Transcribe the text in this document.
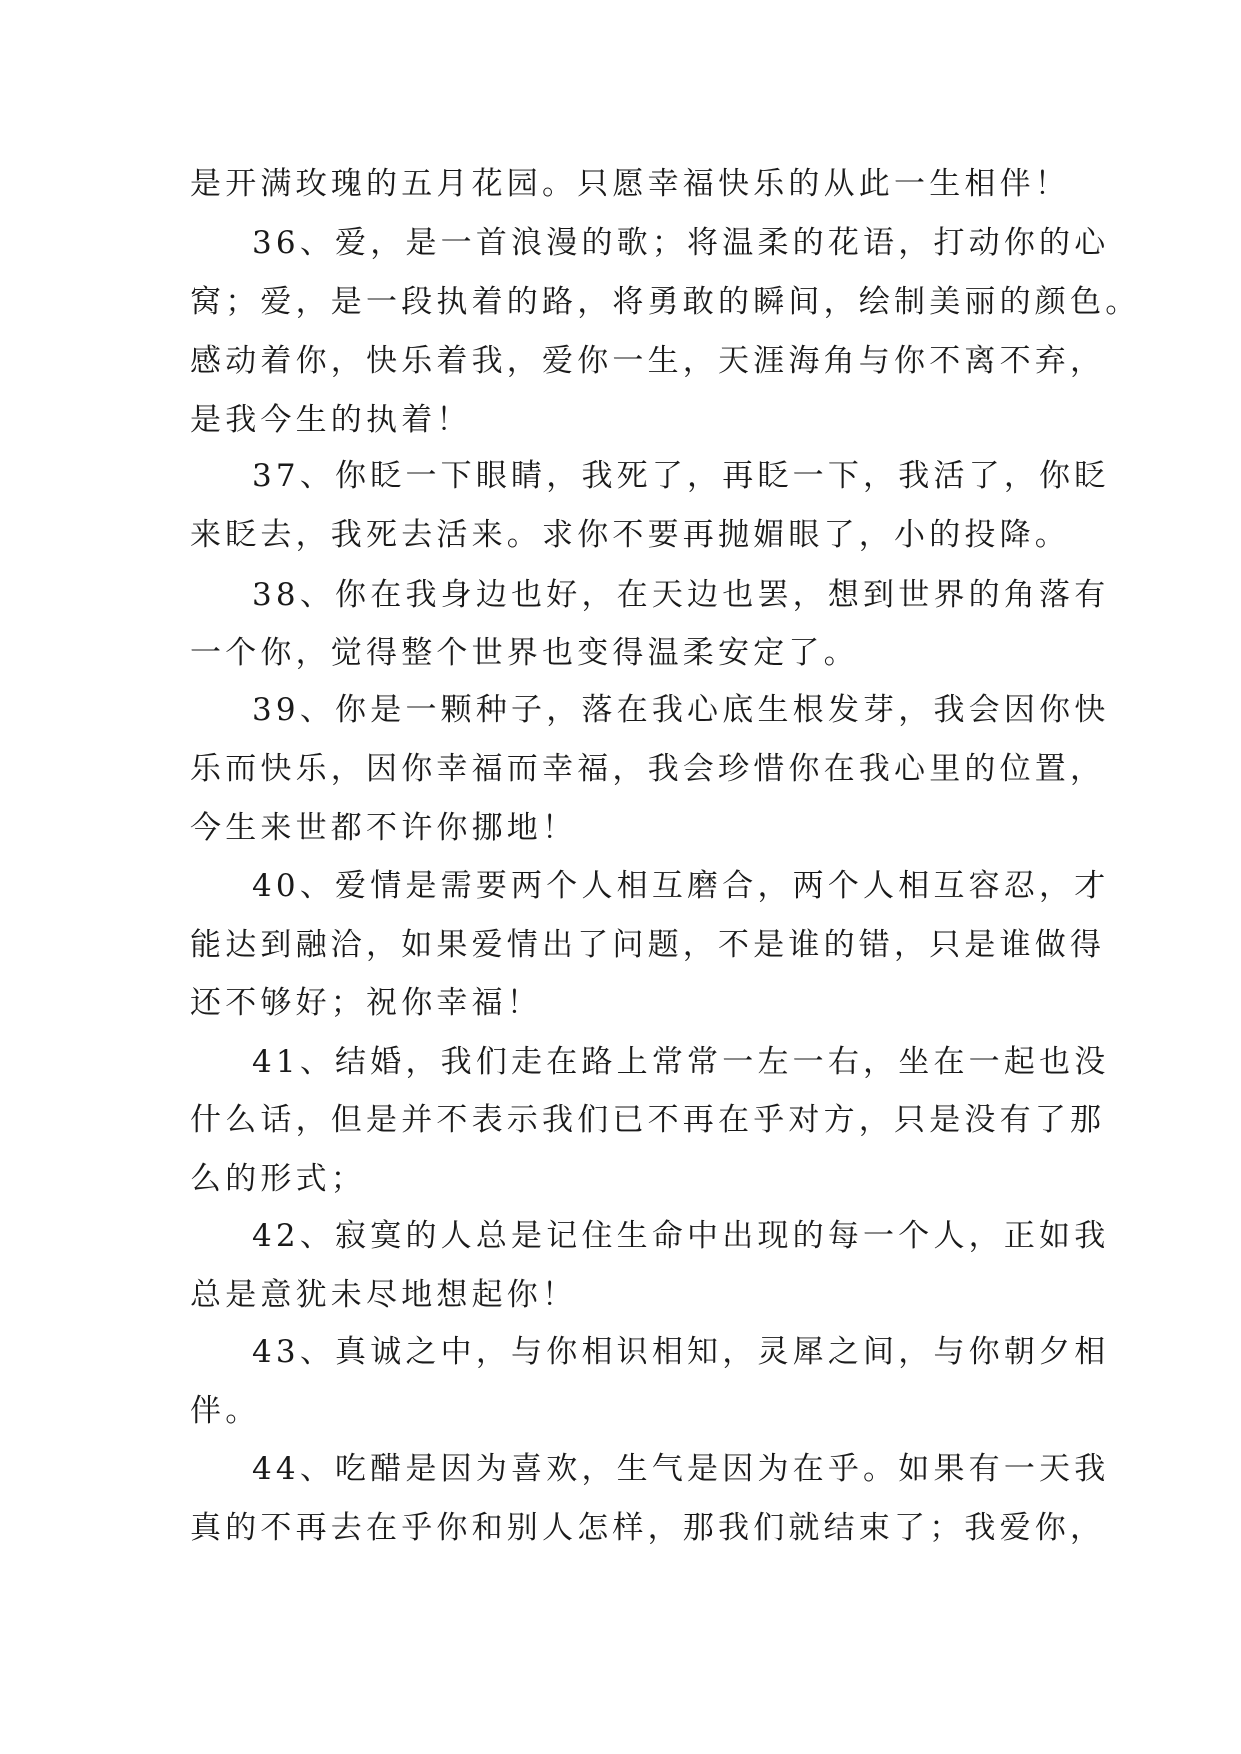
是开满玫瑰的五月花园。只愿幸福快乐的从此一生相伴！
36、爱，是一首浪漫的歌；将温柔的花语，打动你的心
窝；爱，是一段执着的路，将勇敢的瞬间，绘制美丽的颜色。
感动着你，快乐着我，爱你一生，天涯海角与你不离不弃，
是我今生的执着！
37、你眨一下眼睛，我死了，再眨一下，我活了，你眨
来眨去，我死去活来。求你不要再抛媚眼了，小的投降。
38、你在我身边也好，在天边也罢，想到世界的角落有
一个你，觉得整个世界也变得温柔安定了。
39、你是一颗种子，落在我心底生根发芽，我会因你快
乐而快乐，因你幸福而幸福，我会珍惜你在我心里的位置，
今生来世都不许你挪地！
40、爱情是需要两个人相互磨合，两个人相互容忍，才
能达到融洽，如果爱情出了问题，不是谁的错，只是谁做得
还不够好；祝你幸福！
41、结婚，我们走在路上常常一左一右，坐在一起也没
什么话，但是并不表示我们已不再在乎对方，只是没有了那
么的形式；
42、寂寞的人总是记住生命中出现的每一个人，正如我
总是意犹未尽地想起你！
43、真诚之中，与你相识相知，灵犀之间，与你朝夕相
伴。
44、吃醋是因为喜欢，生气是因为在乎。如果有一天我
真的不再去在乎你和别人怎样，那我们就结束了；我爱你，
